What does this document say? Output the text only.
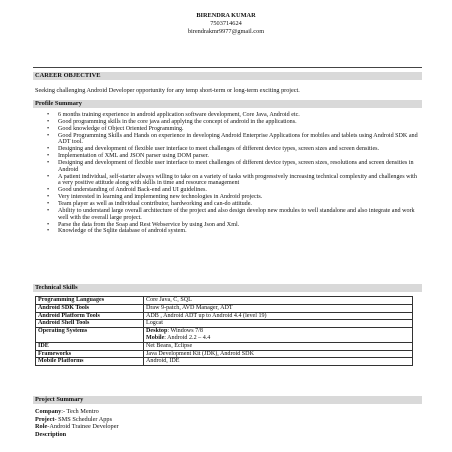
BIRENDRA KUMAR
7503714624
birendrakmr9977@gmail.com
CAREER OBJECTIVE
Seeking challenging Android Developer opportunity for any temp short-term or long-term exciting project.
Profile Summary
• 6 months training experience in android application software development, Core Java, Android etc.
• Good programming skills in the core java and applying the concept of android in the applications.
• Good knowledge of Object Oriented Programming.
• Good Programming Skills and Hands on experience in developing Android Enterprise Applications for mobiles and tablets using Android SDK and ADT tool.
• Designing and development of flexible user interface to meet challenges of different device types, screen sizes and screen densities.
• Implementation of XML and JSON parser using DOM parser.
• Designing and development of flexible user interface to meet challenges of different device types, screen sizes, resolutions and screen densities in Android
• A patient individual, self-starter always willing to take on a variety of tasks with progressively increasing technical complexity and challenges with a very positive attitude along with skills in time and resource management
• Good understanding of Android Back-end and UI guidelines.
• Very interested in learning and implementing new technologies in Android projects.
• Team player as well as individual contributor, hardworking and can-do attitude.
• Ability to understand large overall architecture of the project and also design develop new modules to well standalone and also integrate and work well with the overall large project.
• Parse the data from the Soap and Rest Webservice by using Json and Xml.
• Knowledge of the Sqlite database of android system.
Technical Skills
Programming Languages	Core Java, C, SQL
Android SDK Tools	Draw 9-patch, AVD Manager, ADT
Android Platform Tools	ADB , Android ADT up to Android 4.4 (level 19)
Android Shell Tools	Logcat
Operating Systems	Desktop: Windows 7/8
Mobile: Android 2.2 – 4.4

IDE	Net Beans, Eclipse
Frameworks	Java Development Kit (JDK), Android SDK
Mobile Platforms	Android, IDE
Project Summary
Company:- Tech Mentro
Project- SMS Scheduler Apps
Role-Android Trainee Developer
Description
